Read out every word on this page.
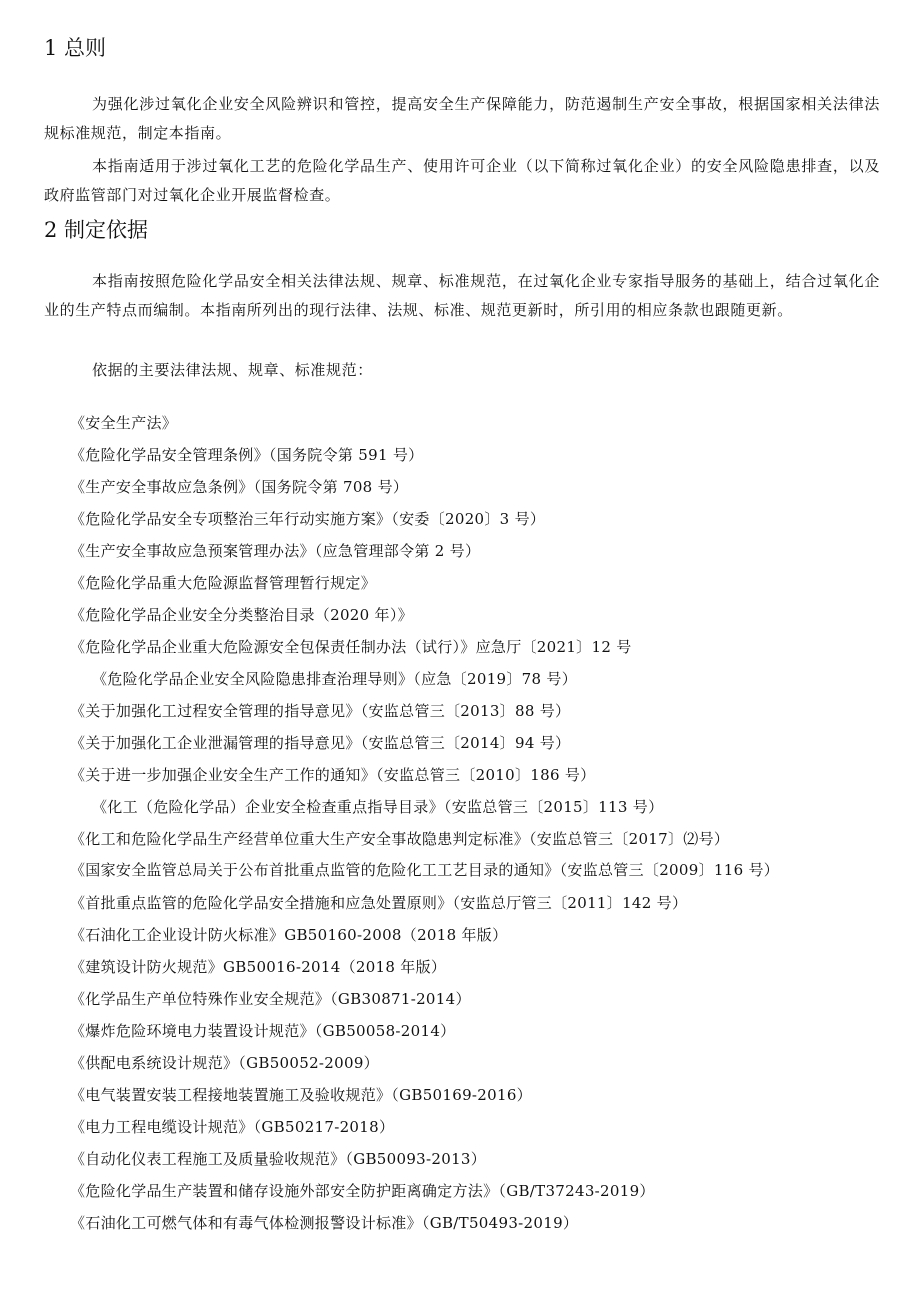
1 总则
为强化涉过氧化企业安全风险辨识和管控，提高安全生产保障能力，防范遏制生产安全事故，根据国家相关法律法规标准规范，制定本指南。
本指南适用于涉过氧化工艺的危险化学品生产、使用许可企业（以下简称过氧化企业）的安全风险隐患排查，以及政府监管部门对过氧化企业开展监督检查。
2 制定依据
本指南按照危险化学品安全相关法律法规、规章、标准规范，在过氧化企业专家指导服务的基础上，结合过氧化企业的生产特点而编制。本指南所列出的现行法律、法规、标准、规范更新时，所引用的相应条款也跟随更新。
依据的主要法律法规、规章、标准规范：
《安全生产法》
《危险化学品安全管理条例》（国务院令第 591 号）
《生产安全事故应急条例》（国务院令第 708 号）
《危险化学品安全专项整治三年行动实施方案》（安委〔2020〕3 号）
《生产安全事故应急预案管理办法》（应急管理部令第 2 号）
《危险化学品重大危险源监督管理暂行规定》
《危险化学品企业安全分类整治目录（2020 年）》
《危险化学品企业重大危险源安全包保责任制办法（试行）》应急厅〔2021〕12 号
《危险化学品企业安全风险隐患排查治理导则》（应急〔2019〕78 号）
《关于加强化工过程安全管理的指导意见》（安监总管三〔2013〕88 号）
《关于加强化工企业泄漏管理的指导意见》（安监总管三〔2014〕94 号）
《关于进一步加强企业安全生产工作的通知》（安监总管三〔2010〕186 号）
《化工（危险化学品）企业安全检查重点指导目录》（安监总管三〔2015〕113 号）
《化工和危险化学品生产经营单位重大生产安全事故隐患判定标准》（安监总管三〔2017〕⑵号）
《国家安全监管总局关于公布首批重点监管的危险化工工艺目录的通知》（安监总管三〔2009〕116 号）
《首批重点监管的危险化学品安全措施和应急处置原则》（安监总厅管三〔2011〕142 号）
《石油化工企业设计防火标准》GB50160-2008（2018 年版）
《建筑设计防火规范》GB50016-2014（2018 年版）
《化学品生产单位特殊作业安全规范》（GB30871-2014）
《爆炸危险环境电力装置设计规范》（GB50058-2014）
《供配电系统设计规范》（GB50052-2009）
《电气装置安装工程接地装置施工及验收规范》（GB50169-2016）
《电力工程电缆设计规范》（GB50217-2018）
《自动化仪表工程施工及质量验收规范》（GB50093-2013）
《危险化学品生产装置和储存设施外部安全防护距离确定方法》（GB/T37243-2019）
《石油化工可燃气体和有毒气体检测报警设计标准》（GB/T50493-2019）
